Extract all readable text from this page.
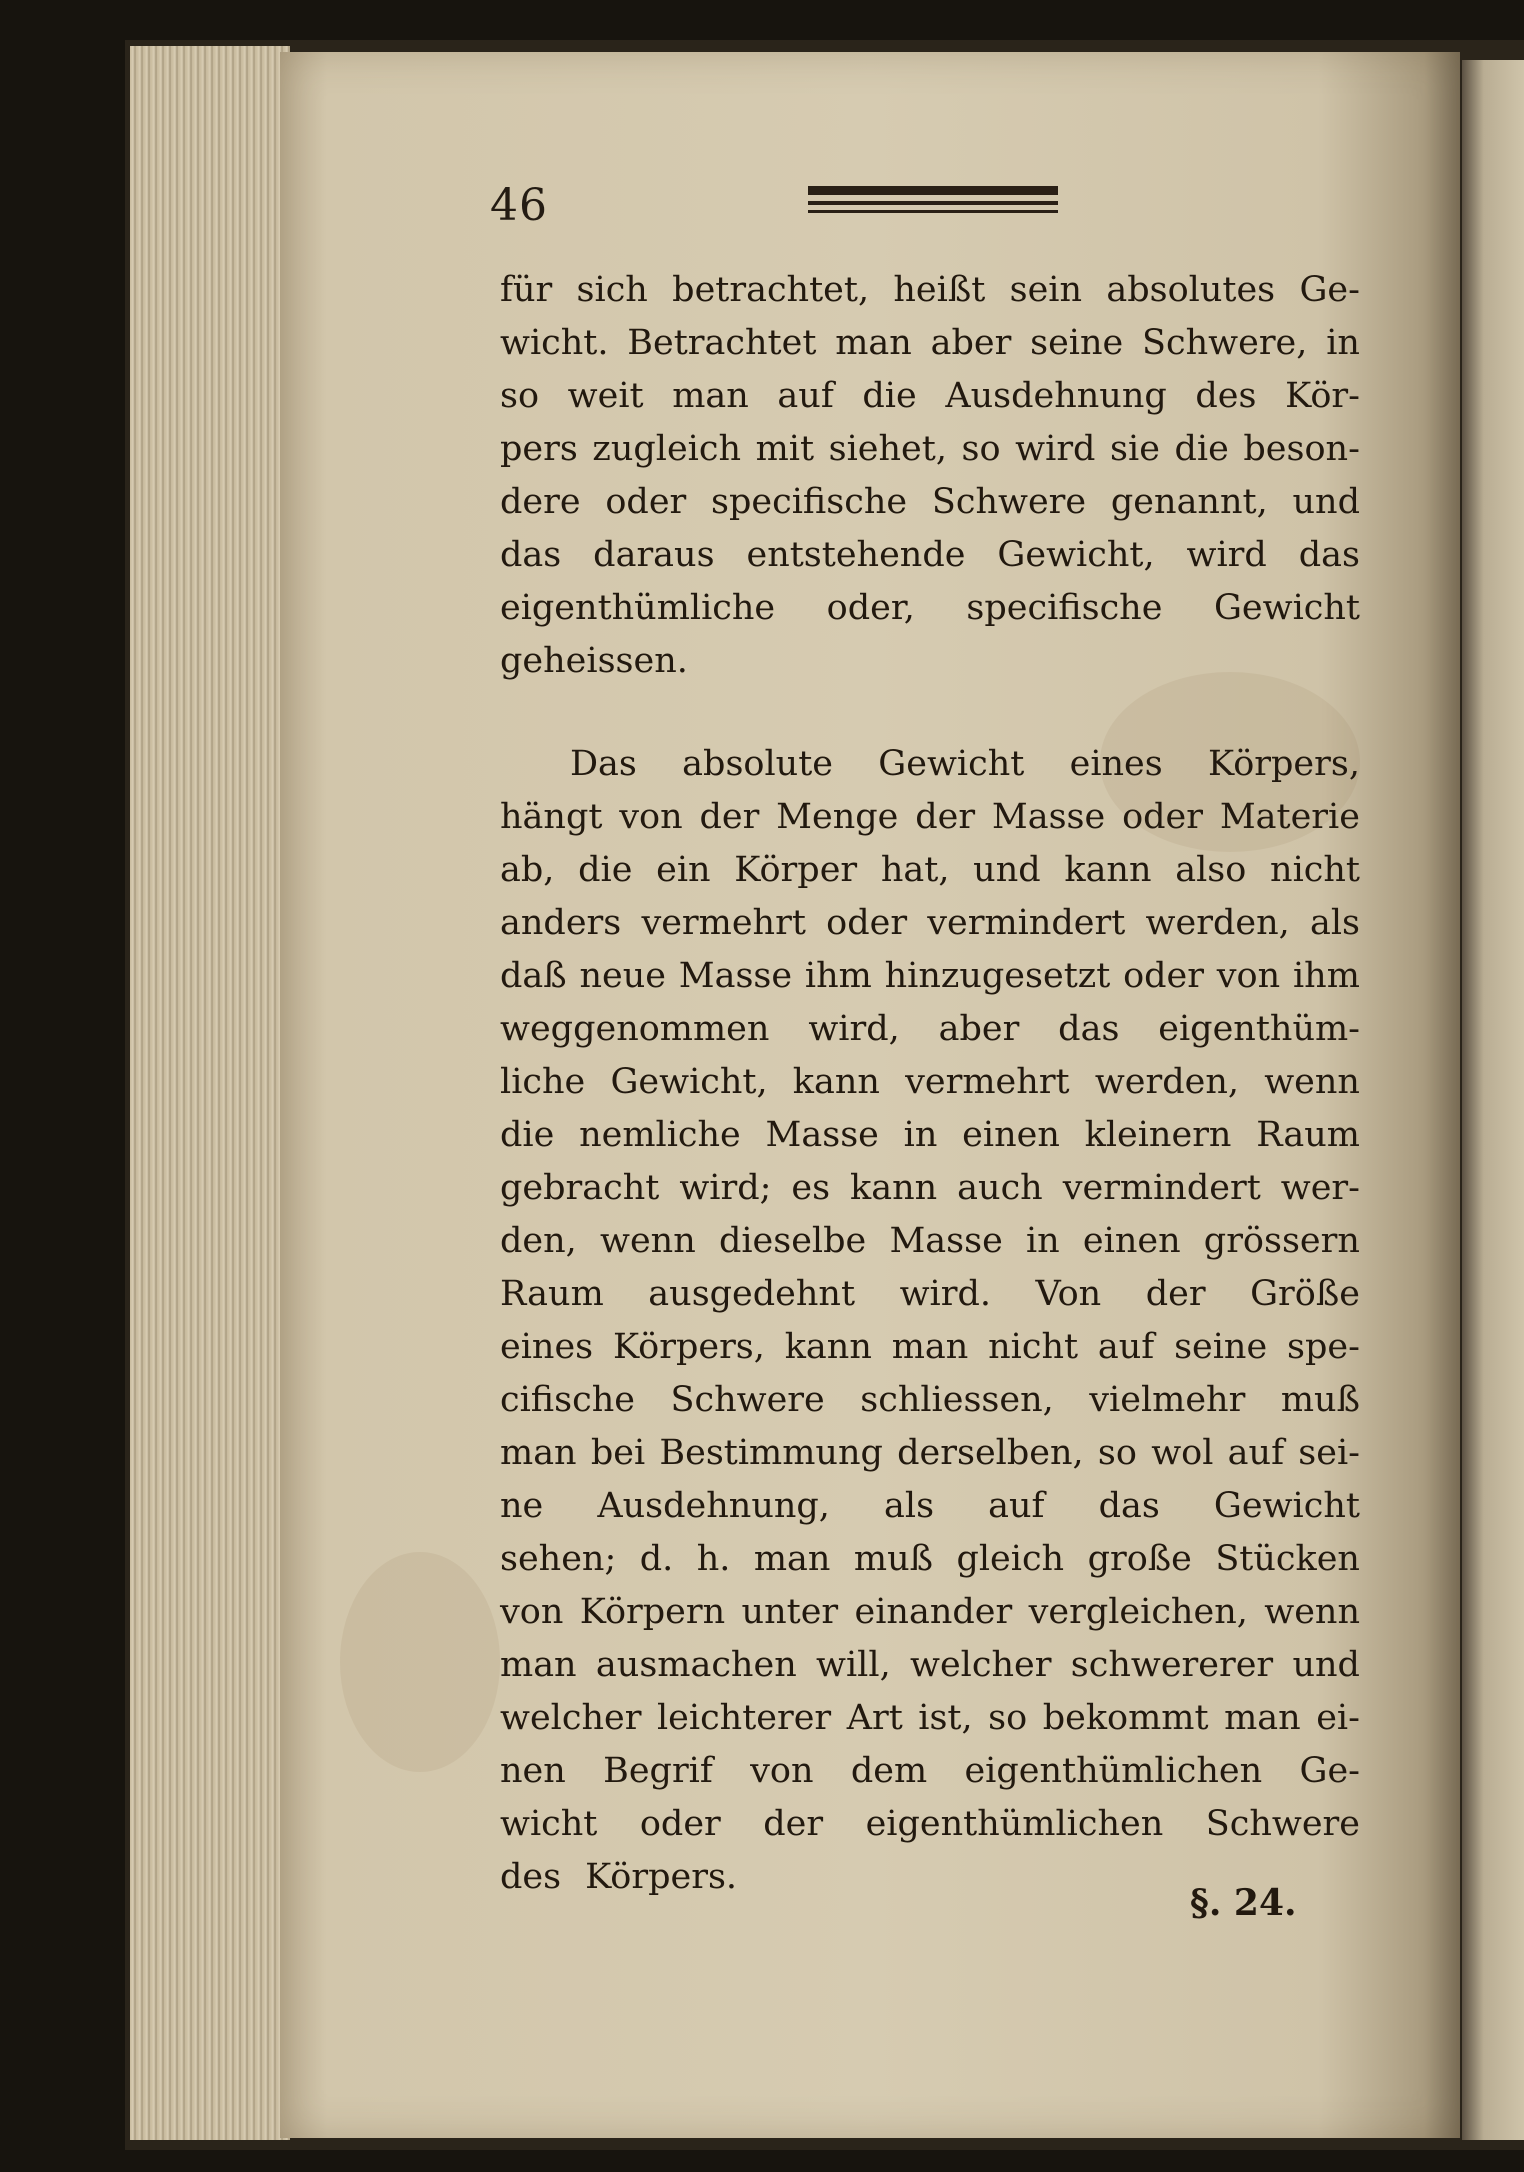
46
für sich betrachtet, heißt sein absolutes Ge-
wicht. Betrachtet man aber seine Schwere, in
so weit man auf die Ausdehnung des Kör-
pers zugleich mit siehet, so wird sie die beson-
dere oder specifische Schwere genannt, und
das daraus entstehende Gewicht, wird das
eigenthümliche oder, specifische Gewicht
geheissen.
Das absolute Gewicht eines Körpers,
hängt von der Menge der Masse oder Materie
ab, die ein Körper hat, und kann also nicht
anders vermehrt oder vermindert werden, als
daß neue Masse ihm hinzugesetzt oder von ihm
weggenommen wird, aber das eigenthüm-
liche Gewicht, kann vermehrt werden, wenn
die nemliche Masse in einen kleinern Raum
gebracht wird; es kann auch vermindert wer-
den, wenn dieselbe Masse in einen grössern
Raum ausgedehnt wird. Von der Größe
eines Körpers, kann man nicht auf seine spe-
cifische Schwere schliessen, vielmehr muß
man bei Bestimmung derselben, so wol auf sei-
ne Ausdehnung, als auf das Gewicht
sehen; d. h. man muß gleich große Stücken
von Körpern unter einander vergleichen, wenn
man ausmachen will, welcher schwererer und
welcher leichterer Art ist, so bekommt man ei-
nen Begrif von dem eigenthümlichen Ge-
wicht oder der eigenthümlichen Schwere
des Körpers.
§. 24.
